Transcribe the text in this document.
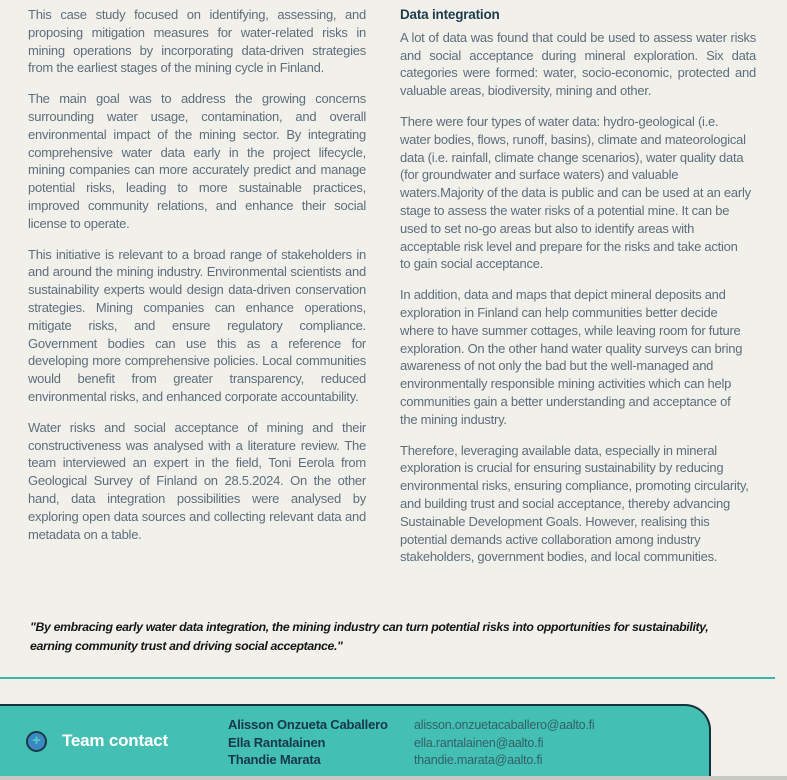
This case study focused on identifying, assessing, and proposing mitigation measures for water-related risks in mining operations by incorporating data-driven strategies from the earliest stages of the mining cycle in Finland.

The main goal was to address the growing concerns surrounding water usage, contamination, and overall environmental impact of the mining sector. By integrating comprehensive water data early in the project lifecycle, mining companies can more accurately predict and manage potential risks, leading to more sustainable practices, improved community relations, and enhance their social license to operate.

This initiative is relevant to a broad range of stakeholders in and around the mining industry. Environmental scientists and sustainability experts would design data-driven conservation strategies. Mining companies can enhance operations, mitigate risks, and ensure regulatory compliance. Government bodies can use this as a reference for developing more comprehensive policies. Local communities would benefit from greater transparency, reduced environmental risks, and enhanced corporate accountability.

Water risks and social acceptance of mining and their constructiveness was analysed with a literature review. The team interviewed an expert in the field, Toni Eerola from Geological Survey of Finland on 28.5.2024. On the other hand, data integration possibilities were analysed by exploring open data sources and collecting relevant data and metadata on a table.

Data integration

A lot of data was found that could be used to assess water risks and social acceptance during mineral exploration. Six data categories were formed: water, socio-economic, protected and valuable areas, biodiversity, mining and other.

There were four types of water data: hydro-geological (i.e. water bodies, flows, runoff, basins), climate and mateorological data (i.e. rainfall, climate change scenarios), water quality data (for groundwater and surface waters) and valuable waters.Majority of the data is public and can be used at an early stage to assess the water risks of a potential mine. It can be used to set no-go areas but also to identify areas with acceptable risk level and prepare for the risks and take action to gain social acceptance.

In addition, data and maps that depict mineral deposits and exploration in Finland can help communities better decide where to have summer cottages, while leaving room for future exploration. On the other hand water quality surveys can bring awareness of not only the bad but the well-managed and environmentally responsible mining activities which can help communities gain a better understanding and acceptance of the mining industry.

Therefore, leveraging available data, especially in mineral exploration is crucial for ensuring sustainability by reducing environmental risks, ensuring compliance, promoting circularity, and building trust and social acceptance, thereby advancing Sustainable Development Goals. However, realising this potential demands active collaboration among industry stakeholders, government bodies, and local communities.

"By embracing early water data integration, the mining industry can turn potential risks into opportunities for sustainability, earning community trust and driving social acceptance."
+	Team contact
Alisson Onzueta Caballero
Ella Rantalainen
Thandie Marata
alisson.onzuetacaballero@aalto.fi
ella.rantalainen@aalto.fi
thandie.marata@aalto.fi
